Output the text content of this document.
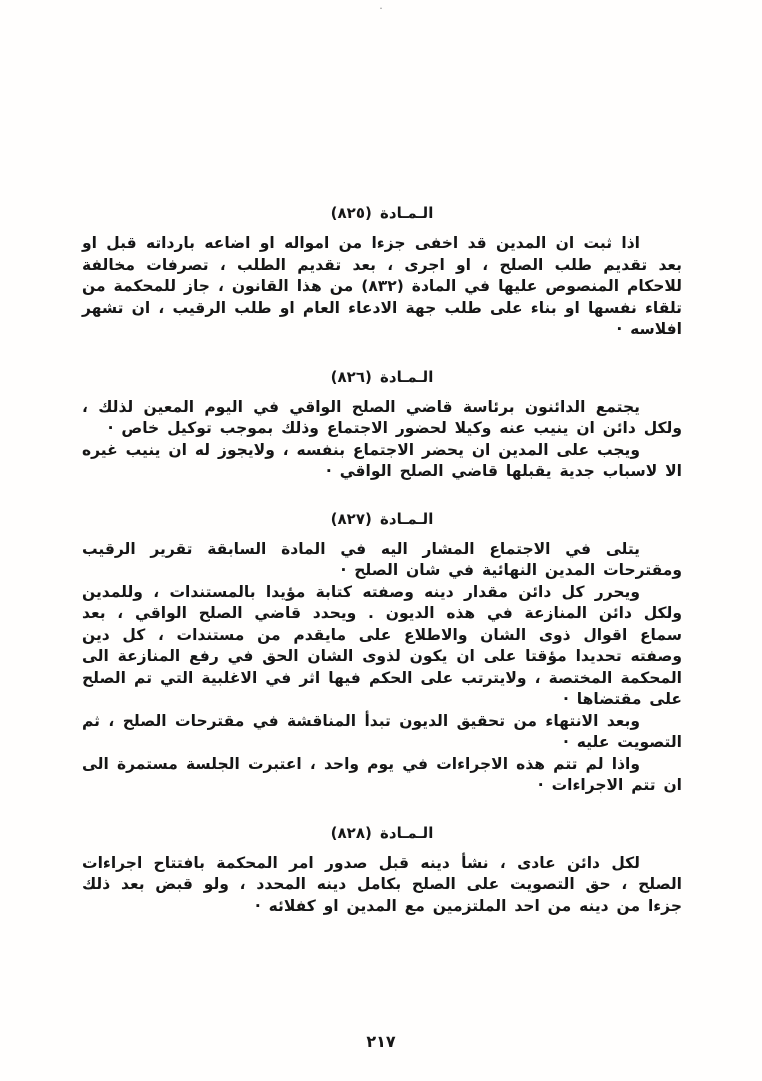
·
الـمـادة (٨٢٥)

اذا ثبت ان المدين قد اخفى جزءا من امواله او اضاعه بارداته قبل او بعد تقديم طلب الصلح ، او اجرى ، بعد تقديم الطلب ، تصرفات مخالفة للاحكام المنصوص عليها في المادة (٨٣٢) من هذا القانون ، جاز للمحكمة من تلقاء نفسها او بناء على طلب جهة الادعاء العام او طلب الرقيب ، ان تشهر افلاسه ·

الـمـادة (٨٢٦)

يجتمع الدائنون برئاسة قاضي الصلح الواقي في اليوم المعين لذلك ، ولكل دائن ان ينيب عنه وكيلا لحضور الاجتماع وذلك بموجب توكيل خاص ·

ويجب على المدين ان يحضر الاجتماع بنفسه ، ولايجوز له ان ينيب غيره الا لاسباب جدية يقبلها قاضي الصلح الواقي ·

الـمـادة (٨٢٧)

يتلى في الاجتماع المشار اليه في المادة السابقة تقرير الرقيب ومقترحات المدين النهائية في شان الصلح ·

ويحرر كل دائن مقدار دينه وصفته كتابة مؤيدا بالمستندات ، وللمدين ولكل دائن المنازعة في هذه الديون . ويحدد قاضي الصلح الواقي ، بعد سماع اقوال ذوى الشان والاطلاع على مايقدم من مستندات ، كل دين وصفته تحديدا مؤقتا على ان يكون لذوى الشان الحق في رفع المنازعة الى المحكمة المختصة ، ولايترتب على الحكم فيها اثر في الاغلبية التي تم الصلح على مقتضاها ·

وبعد الانتهاء من تحقيق الديون تبدأ المناقشة في مقترحات الصلح ، ثم التصويت عليه ·

واذا لم تتم هذه الاجراءات في يوم واحد ، اعتبرت الجلسة مستمرة الى ان تتم الاجراءات ·

الـمـادة (٨٢٨)

لكل دائن عادى ، نشأ دينه قبل صدور امر المحكمة بافتتاح اجراءات الصلح ، حق التصويت على الصلح بكامل دينه المحدد ، ولو قبض بعد ذلك جزءا من دينه من احد الملتزمين مع المدين او كفلائه ·

٢١٧
